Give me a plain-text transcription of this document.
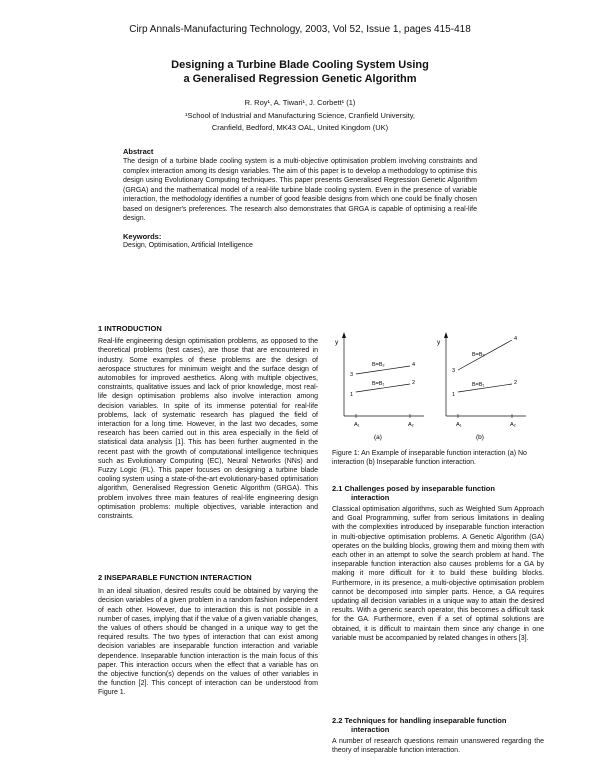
Cirp Annals-Manufacturing Technology, 2003, Vol 52, Issue 1, pages 415-418
Designing a Turbine Blade Cooling System Using
a Generalised Regression Genetic Algorithm
R. Roy¹, A. Tiwari¹, J. Corbett¹ (1)
¹School of Industrial and Manufacturing Science, Cranfield University,
Cranfield, Bedford, MK43 OAL, United Kingdom (UK)
Abstract
The design of a turbine blade cooling system is a multi-objective optimisation problem involving constraints and complex interaction among its design variables. The aim of this paper is to develop a methodology to optimise this design using Evolutionary Computing techniques. This paper presents Generalised Regression Genetic Algorithm (GRGA) and the mathematical model of a real-life turbine blade cooling system. Even in the presence of variable interaction, the methodology identifies a number of good feasible designs from which one could be finally chosen based on designer's preferences. The research also demonstrates that GRGA is capable of optimising a real-life design.
Keywords:
Design, Optimisation, Artificial Intelligence
1 INTRODUCTION
Real-life engineering design optimisation problems, as opposed to the theoretical problems (test cases), are those that are encountered in industry. Some examples of these problems are the design of aerospace structures for minimum weight and the surface design of automobiles for improved aesthetics. Along with multiple objectives, constraints, qualitative issues and lack of prior knowledge, most real-life design optimisation problems also involve interaction among decision variables. In spite of its immense potential for real-life problems, lack of systematic research has plagued the field of interaction for a long time. However, in the last two decades, some research has been carried out in this area especially in the field of statistical data analysis [1]. This has been further augmented in the recent past with the growth of computational intelligence techniques such as Evolutionary Computing (EC), Neural Networks (NNs) and Fuzzy Logic (FL). This paper focuses on designing a turbine blade cooling system using a state-of-the-art evolutionary-based optimisation algorithm, Generalised Regression Genetic Algorithm (GRGA). This problem involves three main features of real-life engineering design optimisation problems: multiple objectives, variable interaction and constraints.
2 INSEPARABLE FUNCTION INTERACTION
In an ideal situation, desired results could be obtained by varying the decision variables of a given problem in a random fashion independent of each other. However, due to interaction this is not possible in a number of cases, implying that if the value of a given variable changes, the values of others should be changed in a unique way to get the required results. The two types of interaction that can exist among decision variables are inseparable function interaction and variable dependence. Inseparable function interaction is the main focus of this paper. This interaction occurs when the effect that a variable has on the objective function(s) depends on the values of other variables in the function [2]. This concept of interaction can be understood from Figure 1.
y
B=B₂
B=B₁
3
1
4
2
A₁	A₂
(a)
y
B=B₂
B=B₁
3
1
4
2
A₁	A₂
(b)
Figure 1: An Example of inseparable function interaction (a) No interaction (b) Inseparable function interaction.
2.1 Challenges posed by inseparable function
interaction
Classical optimisation algorithms, such as Weighted Sum Approach and Goal Programming, suffer from serious limitations in dealing with the complexities introduced by inseparable function interaction in multi-objective optimisation problems. A Genetic Algorithm (GA) operates on the building blocks, growing them and mixing them with each other in an attempt to solve the search problem at hand. The inseparable function interaction also causes problems for a GA by making it more difficult for it to build these building blocks. Furthermore, in its presence, a multi-objective optimisation problem cannot be decomposed into simpler parts. Hence, a GA requires updating all decision variables in a unique way to attain the desired results. With a generic search operator, this becomes a difficult task for the GA. Furthermore, even if a set of optimal solutions are obtained, it is difficult to maintain them since any change in one variable must be accompanied by related changes in others [3].
2.2 Techniques for handling inseparable function
interaction
A number of research questions remain unanswered regarding the theory of inseparable function interaction.
